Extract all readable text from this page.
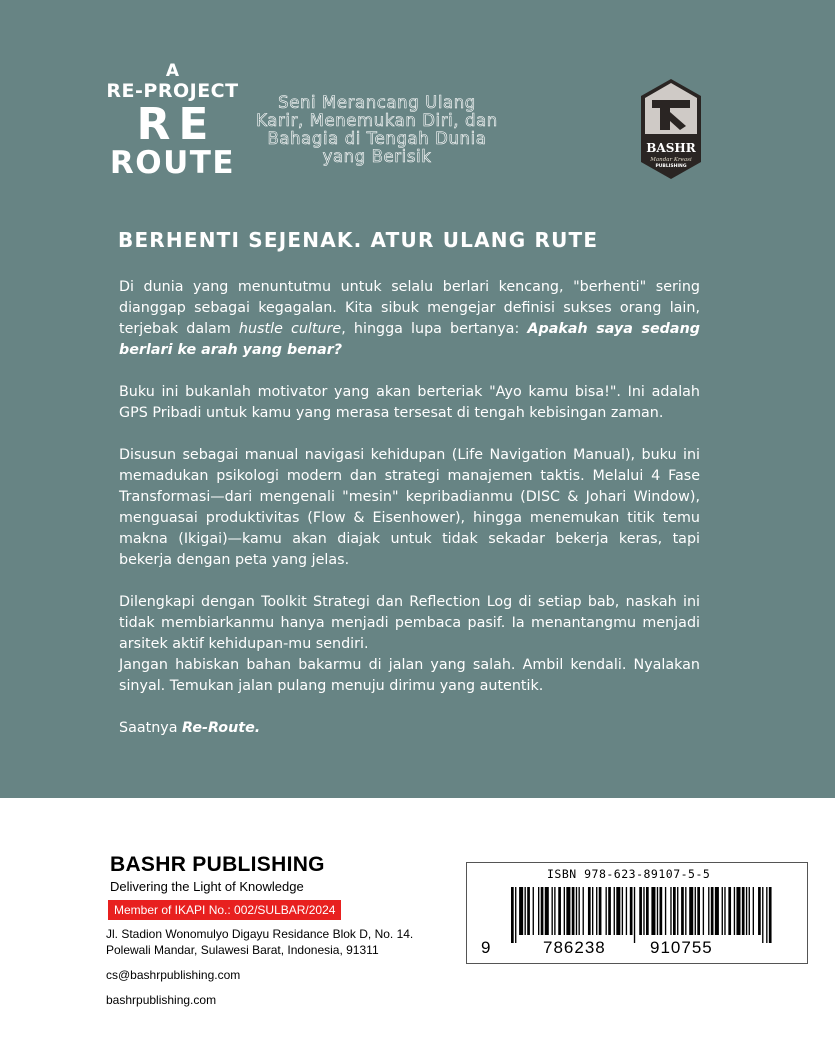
A
RE-PROJECT
RE
ROUTE
Seni Merancang Ulang Karir, Menemukan Diri, dan Bahagia di Tengah Dunia yang Berisik	BASHR
Mandar Kreasi
PUBLISHING
BERHENTI SEJENAK. ATUR ULANG RUTE

Di dunia yang menuntutmu untuk selalu berlari kencang, "berhenti" sering dianggap sebagai kegagalan. Kita sibuk mengejar definisi sukses orang lain, terjebak dalam hustle culture, hingga lupa bertanya: Apakah saya sedang berlari ke arah yang benar?

Buku ini bukanlah motivator yang akan berteriak "Ayo kamu bisa!". Ini adalah GPS Pribadi untuk kamu yang merasa tersesat di tengah kebisingan zaman.

Disusun sebagai manual navigasi kehidupan (Life Navigation Manual), buku ini memadukan psikologi modern dan strategi manajemen taktis. Melalui 4 Fase Transformasi—dari mengenali "mesin" kepribadianmu (DISC & Johari Window), menguasai produktivitas (Flow & Eisenhower), hingga menemukan titik temu makna (Ikigai)—kamu akan diajak untuk tidak sekadar bekerja keras, tapi bekerja dengan peta yang jelas.

Dilengkapi dengan Toolkit Strategi dan Reflection Log di setiap bab, naskah ini tidak membiarkanmu hanya menjadi pembaca pasif. Ia menantangmu menjadi arsitek aktif kehidupan-mu sendiri.

Jangan habiskan bahan bakarmu di jalan yang salah. Ambil kendali. Nyalakan sinyal. Temukan jalan pulang menuju dirimu yang autentik.

Saatnya Re-Route.

BASHR PUBLISHING
Delivering the Light of Knowledge
Member of IKAPI No.: 002/SULBAR/2024
Jl. Stadion Wonomulyo Digayu Residance Blok D, No. 14.
Polewali Mandar, Sulawesi Barat, Indonesia, 91311
cs@bashrpublishing.com
bashrpublishing.com
ISBN 978-623-89107-5-5
9	786238	910755
